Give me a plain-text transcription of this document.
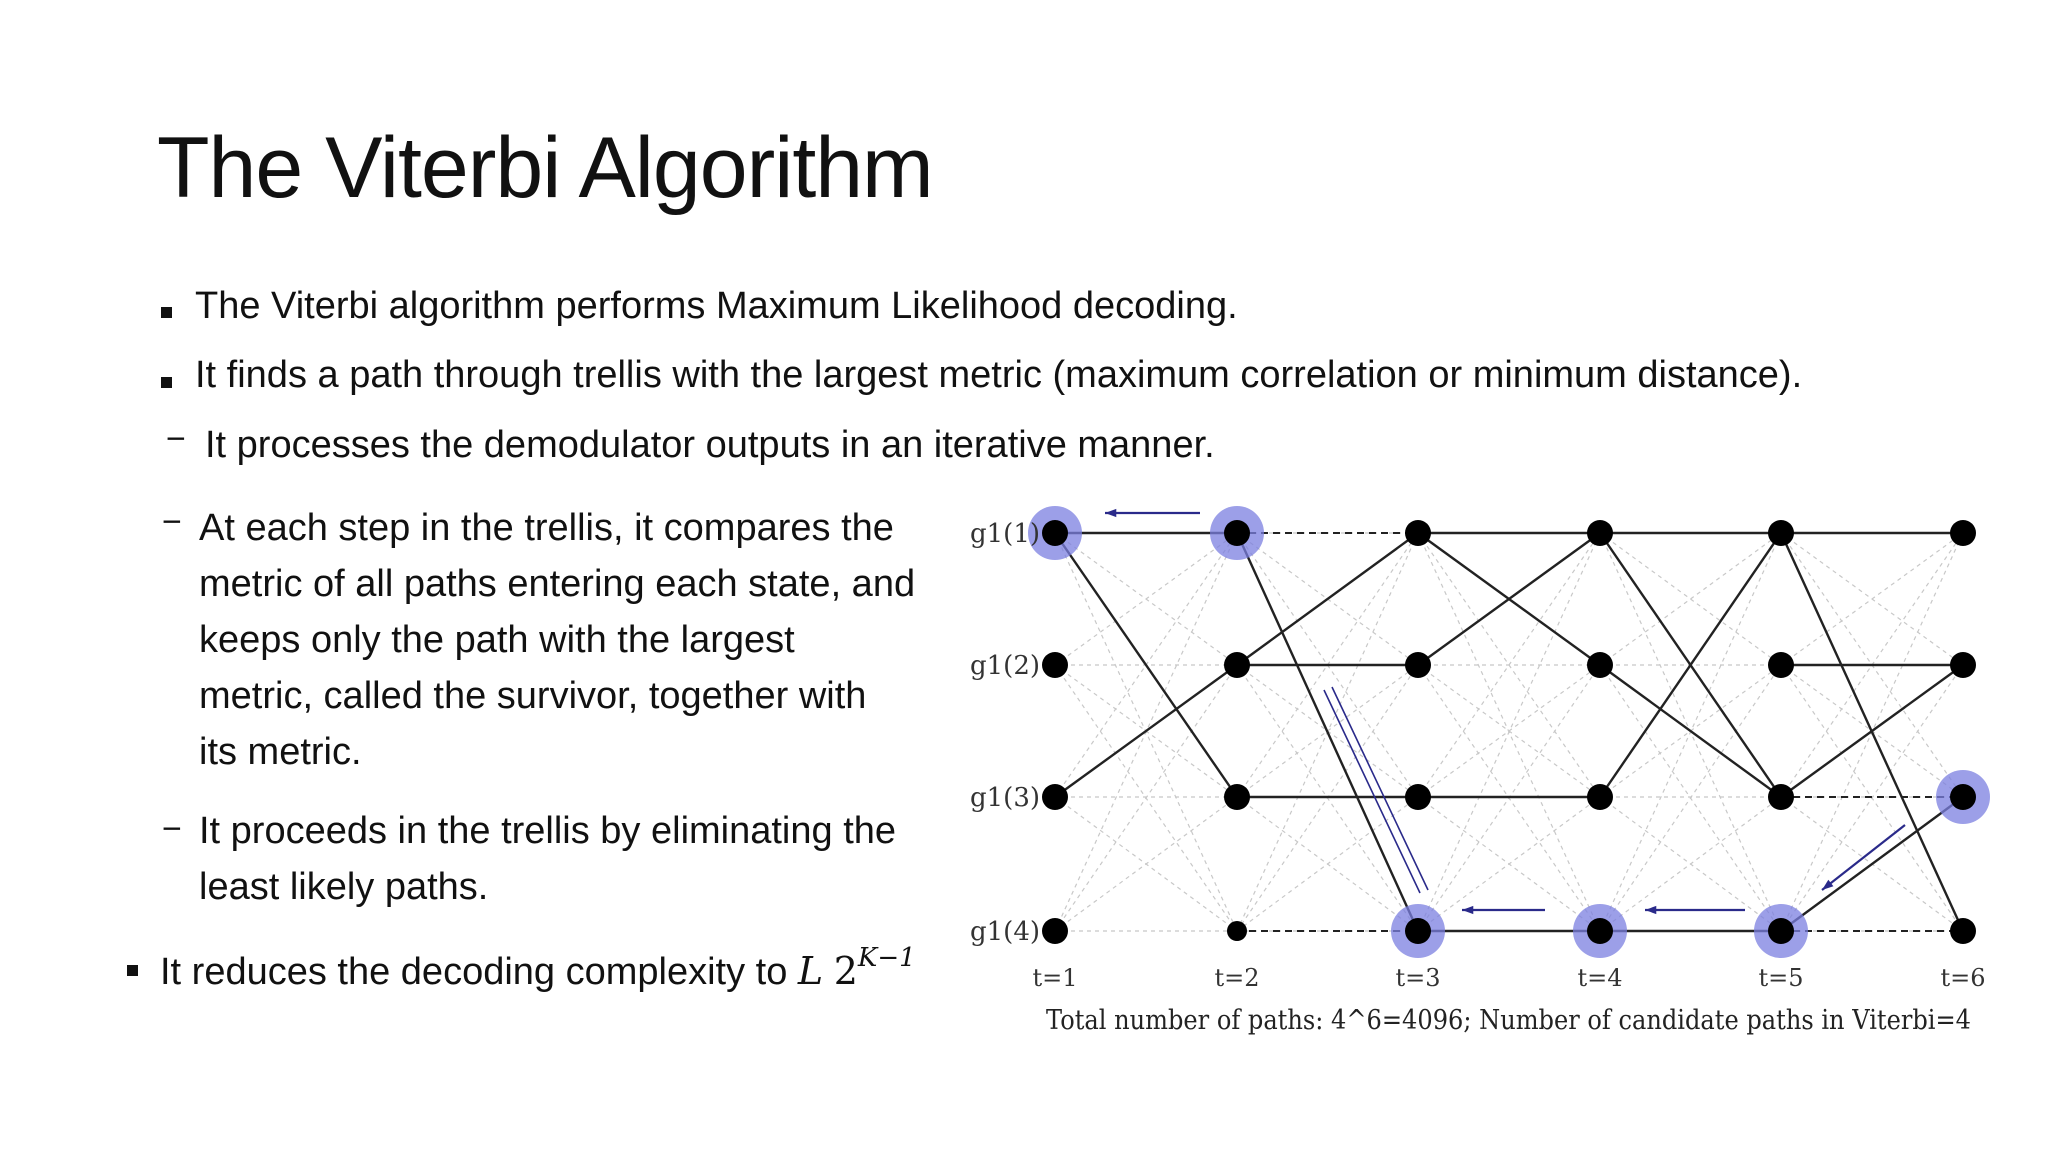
The Viterbi Algorithm
The Viterbi algorithm performs Maximum Likelihood decoding.
It finds a path through trellis with the largest metric (maximum correlation or minimum distance).
− It processes the demodulator outputs in an iterative manner.
− At each step in the trellis, it compares the
metric of all paths entering each state, and
keeps only the path with the largest
metric, called the survivor, together with
its metric.
− It proceeds in the trellis by eliminating the
least likely paths.
It reduces the decoding complexity to L $2^{K-1}$
g1(1)
g1(2)
g1(3)
g1(4)
t=1	t=2	t=3	t=4	t=5	t=6
Total number of paths: 4^6=4096; Number of candidate paths in Viterbi=4
